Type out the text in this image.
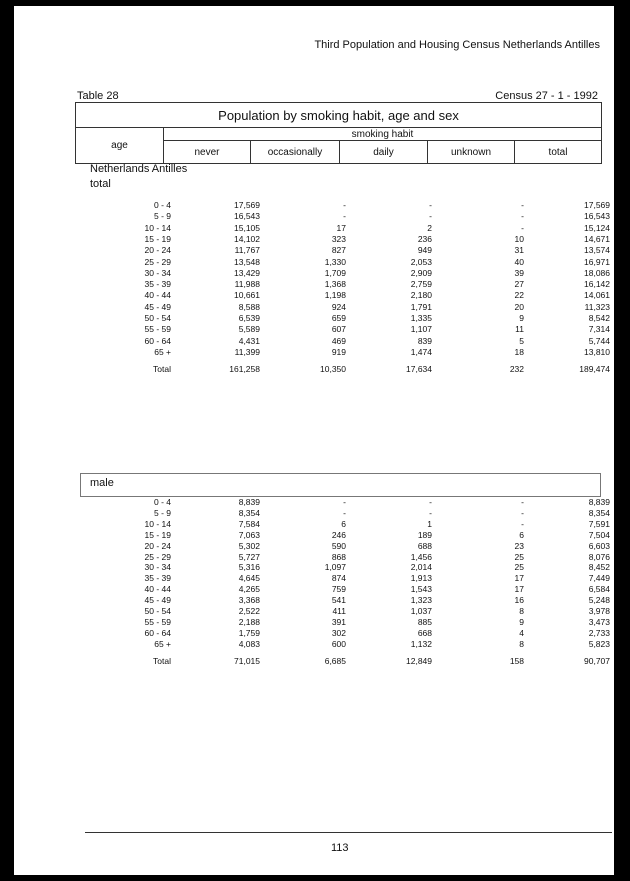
Third Population and Housing Census Netherlands Antilles
Table 28	Census 27 - 1 - 1992
Population by smoking habit, age and sex
age	smoking habit				
	never	occasionally	daily	unknown	total
Netherlands Antilles
total
0 - 4	17,569	-	-	-	17,569
5 - 9	16,543	-	-	-	16,543
10 - 14	15,105	17	2	-	15,124
15 - 19	14,102	323	236	10	14,671
20 - 24	11,767	827	949	31	13,574
25 - 29	13,548	1,330	2,053	40	16,971
30 - 34	13,429	1,709	2,909	39	18,086
35 - 39	11,988	1,368	2,759	27	16,142
40 - 44	10,661	1,198	2,180	22	14,061
45 - 49	8,588	924	1,791	20	11,323
50 - 54	6,539	659	1,335	9	8,542
55 - 59	5,589	607	1,107	11	7,314
60 - 64	4,431	469	839	5	5,744
65 +	11,399	919	1,474	18	13,810
Total	161,258	10,350	17,634	232	189,474
male
0 - 4	8,839	-	-	-	8,839
5 - 9	8,354	-	-	-	8,354
10 - 14	7,584	6	1	-	7,591
15 - 19	7,063	246	189	6	7,504
20 - 24	5,302	590	688	23	6,603
25 - 29	5,727	868	1,456	25	8,076
30 - 34	5,316	1,097	2,014	25	8,452
35 - 39	4,645	874	1,913	17	7,449
40 - 44	4,265	759	1,543	17	6,584
45 - 49	3,368	541	1,323	16	5,248
50 - 54	2,522	411	1,037	8	3,978
55 - 59	2,188	391	885	9	3,473
60 - 64	1,759	302	668	4	2,733
65 +	4,083	600	1,132	8	5,823
Total	71,015	6,685	12,849	158	90,707
113
